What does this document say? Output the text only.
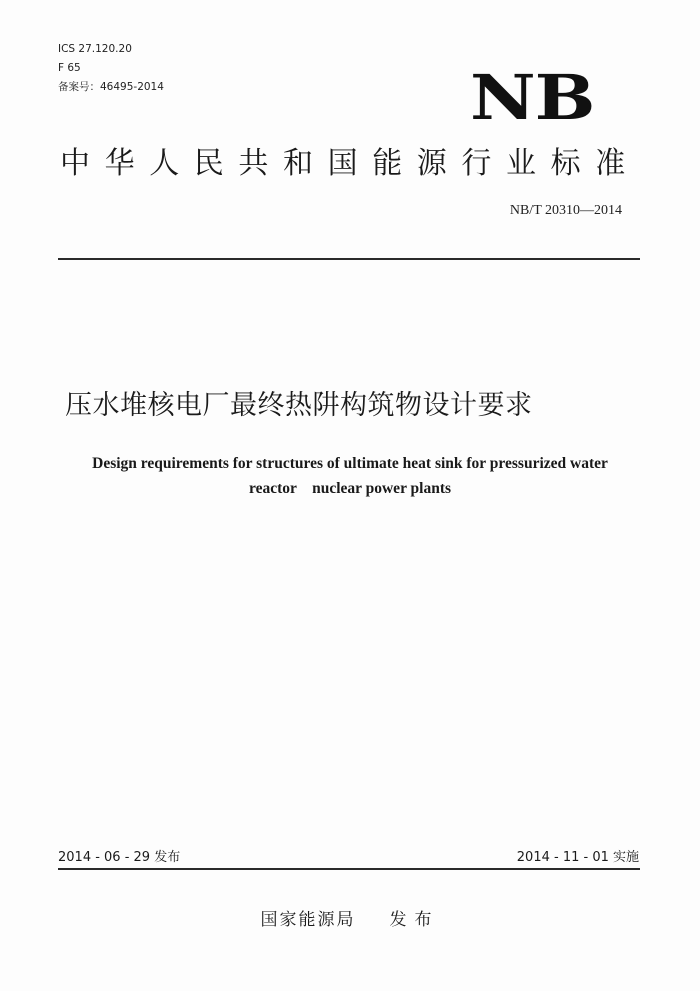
ICS 27.120.20
F 65
备案号：46495-2014	NB
中华人民共和国能源行业标准
NB/T 20310—2014
压水堆核电厂最终热阱构筑物设计要求
Design requirements for structures of ultimate heat sink for pressurized water
reactor    nuclear power plants
2014 - 06 - 29 发布	2014 - 11 - 01 实施
国家能源局 发布
